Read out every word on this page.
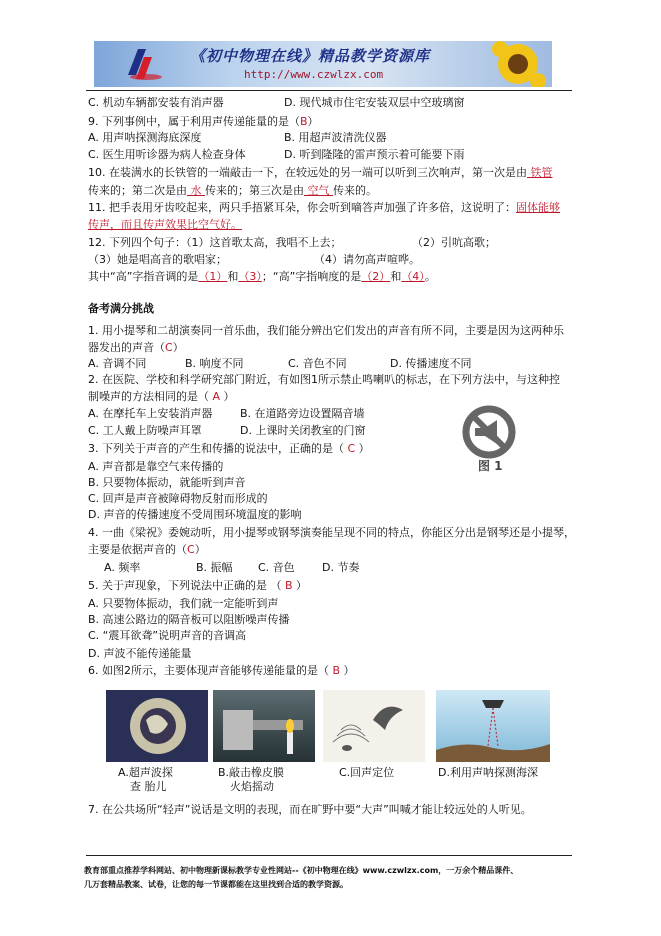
《初中物理在线》精品教学资源库
http://www.czwlzx.com
C. 机动车辆都安装有消声器	D. 现代城市住宅安装双层中空玻璃窗
9. 下列事例中，属于利用声传递能量的是（B）
A. 用声呐探测海底深度	B. 用超声波清洗仪器
C. 医生用听诊器为病人检查身体	D. 听到隆隆的雷声预示着可能要下雨
10. 在装满水的长铁管的一端敲击一下，在较远处的另一端可以听到三次响声，第一次是由 铁管
传来的；第二次是由 水 传来的；第三次是由 空气 传来的。
11. 把手表用牙齿咬起来，两只手捂紧耳朵，你会听到嘀答声加强了许多倍，这说明了：固体能够
传声，而且传声效果比空气好。
12. 下列四个句子：（1）这首歌太高，我唱不上去；	（2）引吭高歌；
（3）她是唱高音的歌唱家；	（4）请勿高声喧哗。
其中“高”字指音调的是（1）和（3）；“高”字指响度的是（2）和（4）。
备考满分挑战
1. 用小提琴和二胡演奏同一首乐曲，我们能分辨出它们发出的声音有所不同，主要是因为这两种乐
器发出的声音（C）
A. 音调不同	B. 响度不同	C. 音色不同	D. 传播速度不同
2. 在医院、学校和科学研究部门附近，有如图1所示禁止鸣喇叭的标志，在下列方法中，与这种控
制噪声的方法相同的是（ A ）
A. 在摩托车上安装消声器	B. 在道路旁边设置隔音墙
C. 工人戴上防噪声耳罩	D. 上课时关闭教室的门窗
3. 下列关于声音的产生和传播的说法中，正确的是（ C ）
A. 声音都是靠空气来传播的
B. 只要物体振动，就能听到声音
C. 回声是声音被障碍物反射而形成的
D. 声音的传播速度不受周围环境温度的影响
4. 一曲《梁祝》委婉动听，用小提琴或钢琴演奏能呈现不同的特点，你能区分出是钢琴还是小提琴，
主要是依据声音的（C）
A. 频率	B. 振幅 C. 音色 D. 节奏
5. 关于声现象，下列说法中正确的是 （ B ）
A. 只要物体振动，我们就一定能听到声
B. 高速公路边的隔音板可以阻断噪声传播
C. “震耳欲聋”说明声音的音调高
D. 声波不能传递能量
6. 如图2所示，主要体现声音能够传递能量的是（ B ）
7. 在公共场所“轻声”说话是文明的表现，而在旷野中要“大声”叫喊才能让较远处的人听见。
图 1
A.超声波探
查 胎儿
B.敲击橡皮膜
火焰摇动
C.回声定位	D.利用声呐探测海深
教育部重点推荐学科网站、初中物理新课标教学专业性网站--《初中物理在线》www.czwlzx.com，一万余个精品课件、
几万套精品教案、试卷，让您的每一节课都能在这里找到合适的教学资源。
